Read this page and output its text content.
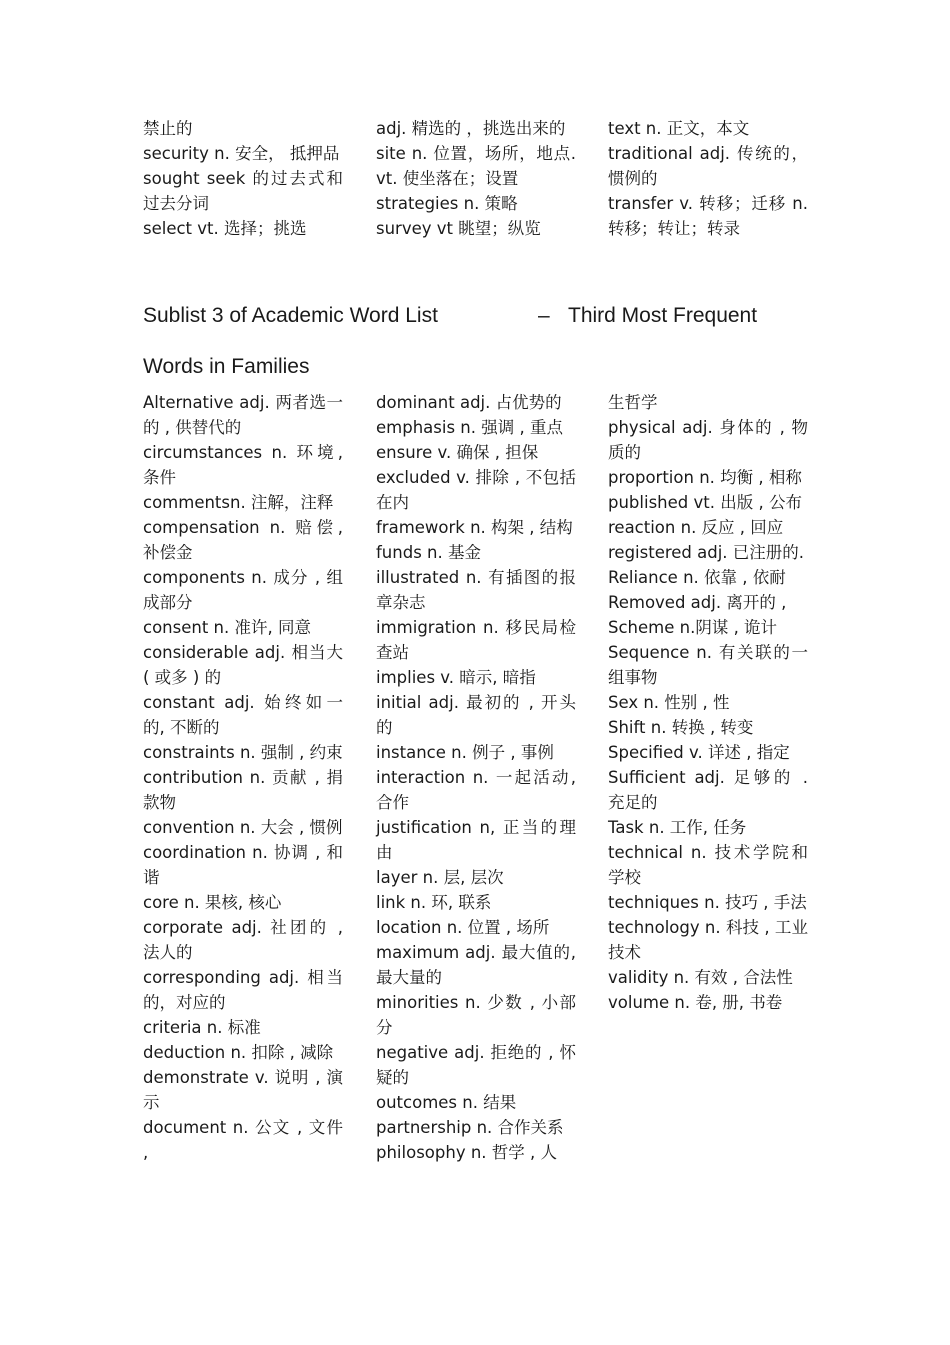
禁止的
security n. 安全， 抵押品
sought seek 的过去式和过去分词
select vt. 选择；挑选
adj. 精选的 ，挑选出来的
site n. 位置，场所，地点.vt. 使坐落在；设置
strategies n. 策略
survey vt 眺望；纵览
text n. 正文，本文
traditional adj. 传统的，惯例的
transfer v. 转移；迁移 n. 转移；转让；转录
Sublist 3 of Academic Word List	– Third Most Frequent
Words in Families
Alternative adj. 两者选一的 , 供替代的
circumstances n. 环境, 条件
commentsn. 注解，注释
compensation n. 赔偿, 补偿金
components n. 成分 , 组成部分
consent n. 准许, 同意
considerable adj. 相当大( 或多 ) 的
constant adj. 始终如一的, 不断的
constraints n. 强制 , 约束
contribution n. 贡献 , 捐款物
convention n. 大会 , 惯例
coordination n. 协调 , 和谐
core n. 果核, 核心
corporate adj. 社团的 , 法人的
corresponding adj. 相当的，对应的
criteria n. 标准
deduction n. 扣除 , 减除
demonstrate v. 说明 , 演示
document n. 公文 , 文件 ,
dominant adj. 占优势的
emphasis n. 强调 , 重点
ensure v. 确保 , 担保
excluded v. 排除 , 不包括在内
framework n. 构架 , 结构
funds n. 基金
illustrated n. 有插图的报章杂志
immigration n. 移民局检查站
implies v. 暗示, 暗指
initial adj. 最初的 , 开头的
instance n. 例子 , 事例
interaction n. 一起活动, 合作
justification n, 正当的理由
layer n. 层, 层次
link n. 环, 联系
location n. 位置 , 场所
maximum adj. 最大值的, 最大量的
minorities n. 少数 , 小部分
negative adj. 拒绝的 , 怀疑的
outcomes n. 结果
partnership n. 合作关系
philosophy n. 哲学 , 人
生哲学
physical adj. 身体的 , 物质的
proportion n. 均衡 , 相称
published vt. 出版 , 公布
reaction n. 反应 , 回应
registered adj. 已注册的.
Reliance n. 依靠 , 依耐
Removed adj. 离开的 ,
Scheme n.阴谋 , 诡计
Sequence n. 有关联的一组事物
Sex n. 性别 , 性
Shift n. 转换 , 转变
Specified v. 详述 , 指定
Sufficient adj. 足够的 . 充足的
Task n. 工作, 任务
technical n. 技术学院和学校
techniques n. 技巧 , 手法
technology n. 科技 , 工业技术
validity n. 有效 , 合法性
volume n. 卷, 册, 书卷
